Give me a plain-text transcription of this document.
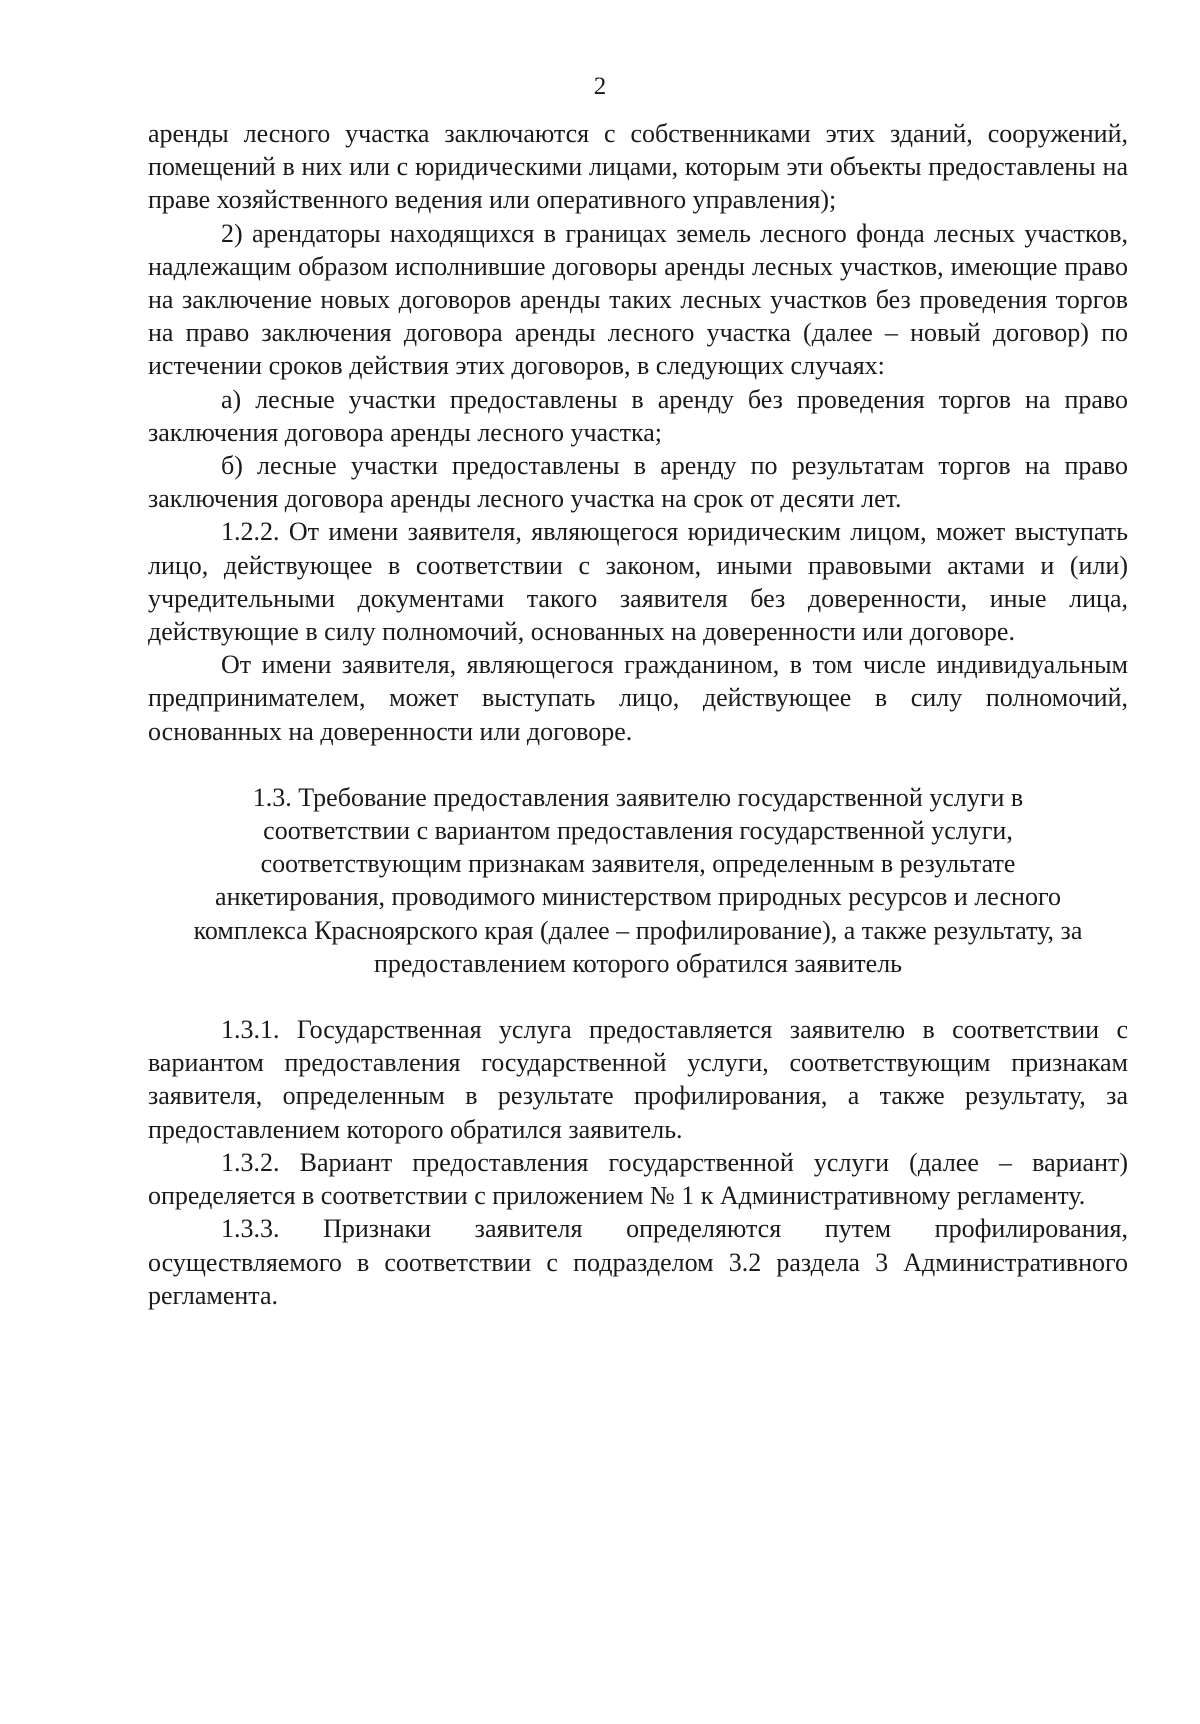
2

аренды лесного участка заключаются с собственниками этих зданий, сооружений, помещений в них или с юридическими лицами, которым эти объекты предоставлены на праве хозяйственного ведения или оперативного управления);

2) арендаторы находящихся в границах земель лесного фонда лесных участков, надлежащим образом исполнившие договоры аренды лесных участков, имеющие право на заключение новых договоров аренды таких лесных участков без проведения торгов на право заключения договора аренды лесного участка (далее – новый договор) по истечении сроков действия этих договоров, в следующих случаях:

а) лесные участки предоставлены в аренду без проведения торгов на право заключения договора аренды лесного участка;

б) лесные участки предоставлены в аренду по результатам торгов на право заключения договора аренды лесного участка на срок от десяти лет.

1.2.2. От имени заявителя, являющегося юридическим лицом, может выступать лицо, действующее в соответствии с законом, иными правовыми актами и (или) учредительными документами такого заявителя без доверенности, иные лица, действующие в силу полномочий, основанных на доверенности или договоре.

От имени заявителя, являющегося гражданином, в том числе индивидуальным предпринимателем, может выступать лицо, действующее в силу полномочий, основанных на доверенности или договоре.

1.3. Требование предоставления заявителю государственной услуги в соответствии с вариантом предоставления государственной услуги, соответствующим признакам заявителя, определенным в результате анкетирования, проводимого министерством природных ресурсов и лесного комплекса Красноярского края (далее – профилирование), а также результату, за предоставлением которого обратился заявитель

1.3.1. Государственная услуга предоставляется заявителю в соответствии с вариантом предоставления государственной услуги, соответствующим признакам заявителя, определенным в результате профилирования, а также результату, за предоставлением которого обратился заявитель.

1.3.2. Вариант предоставления государственной услуги (далее – вариант) определяется в соответствии с приложением № 1 к Административному регламенту.

1.3.3. Признаки заявителя определяются путем профилирования, осуществляемого в соответствии с подразделом 3.2 раздела 3 Административного регламента.
